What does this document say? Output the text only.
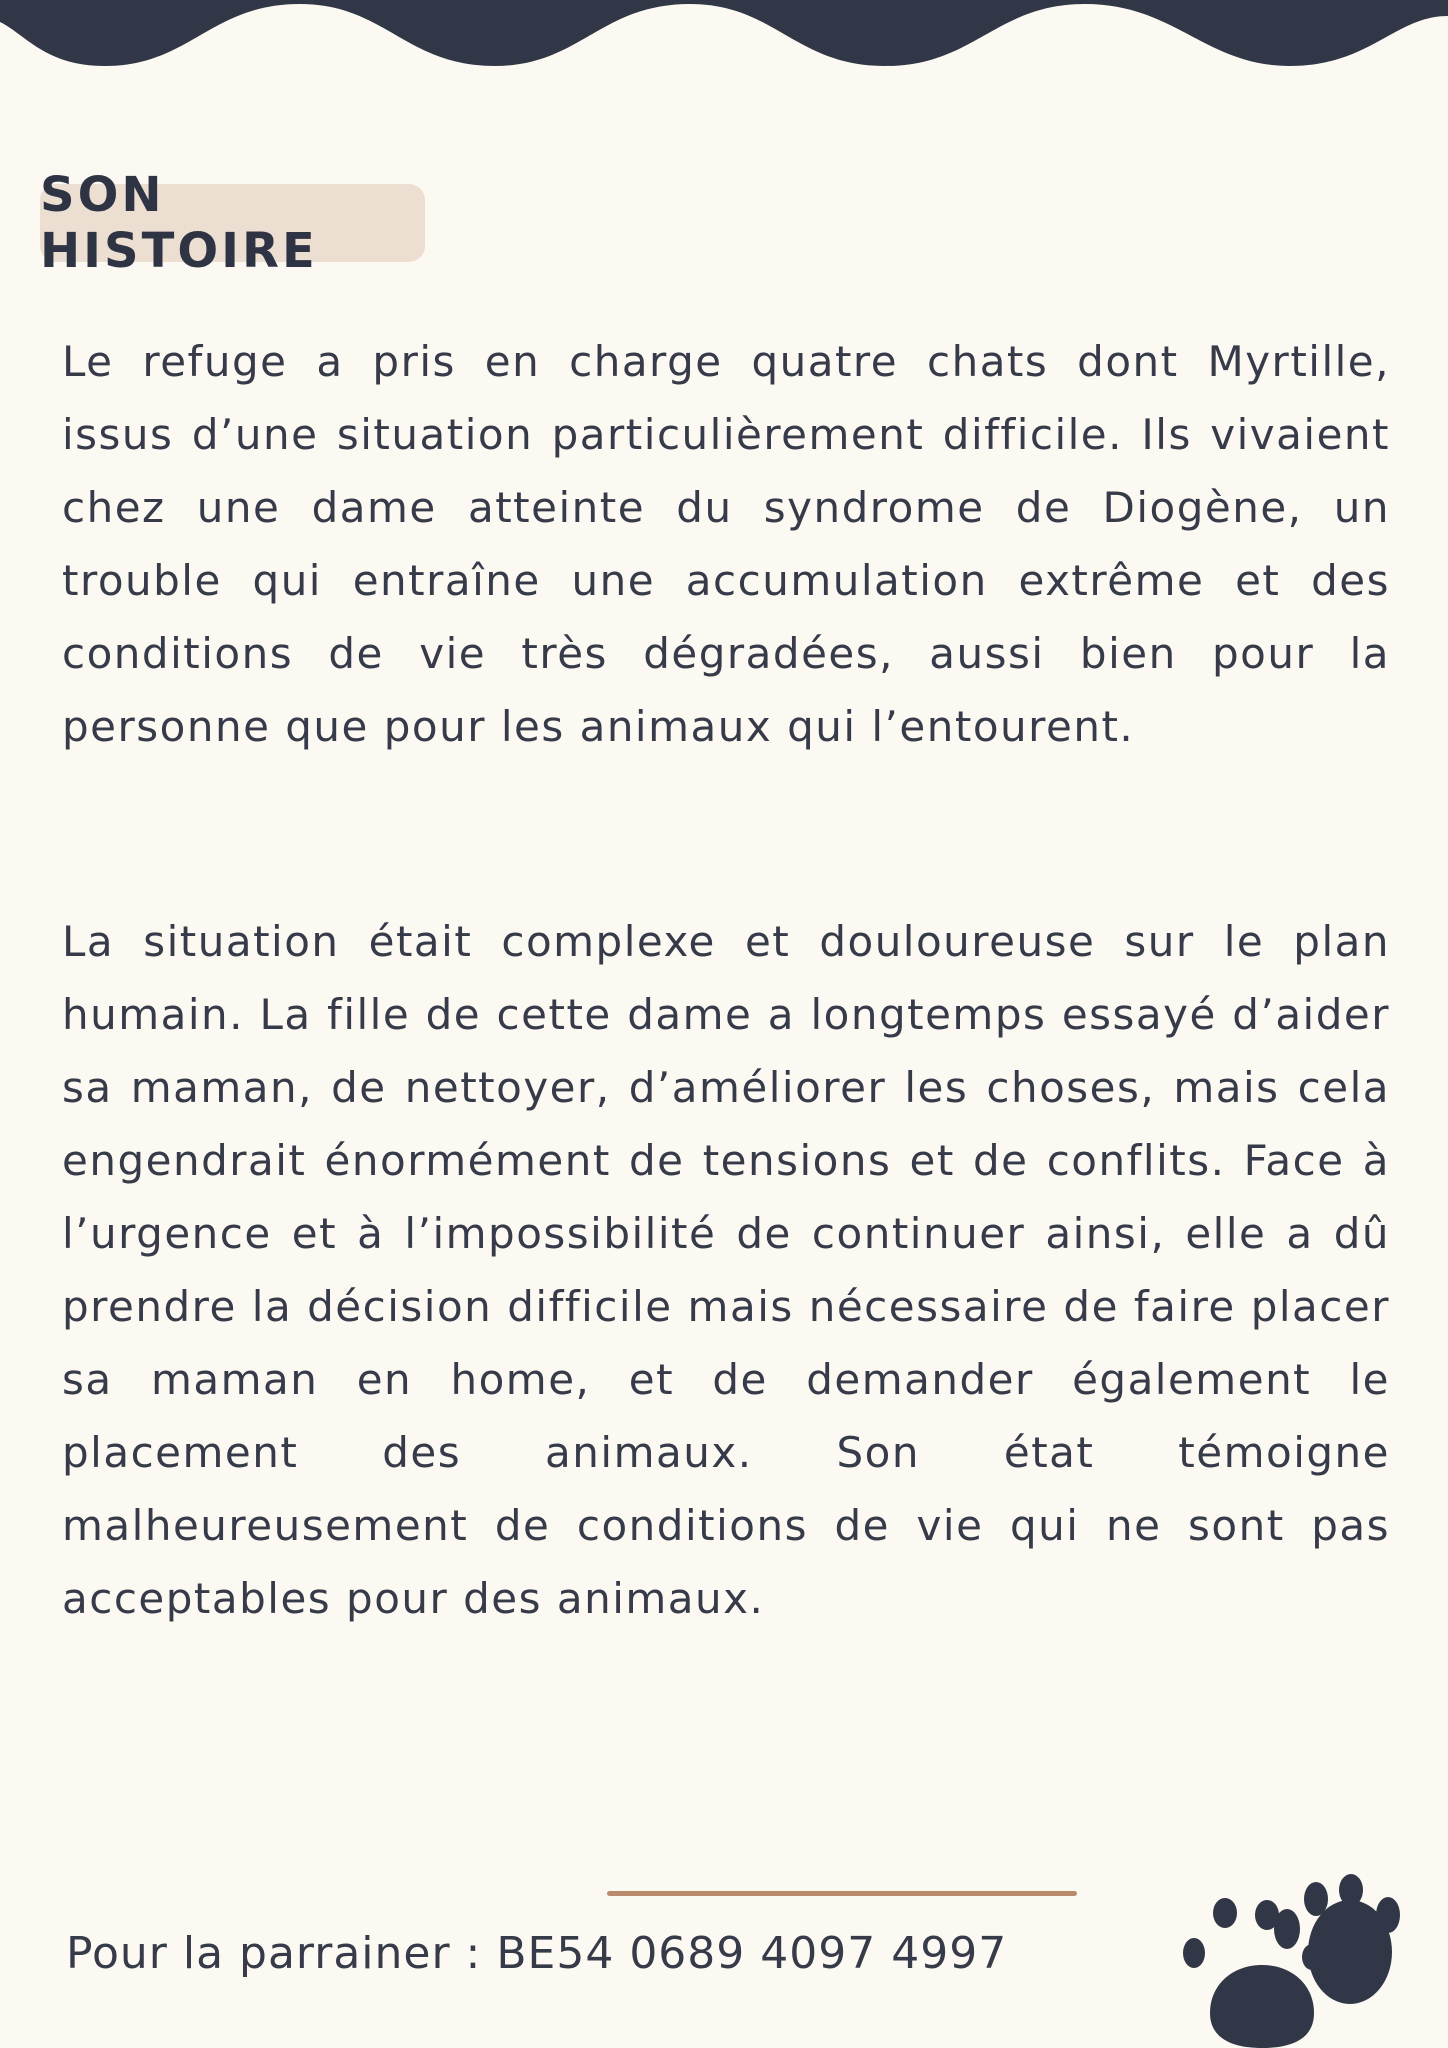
SON HISTOIRE

Le refuge a pris en charge quatre chats dont Myrtille, issus d’une situation particulièrement difficile. Ils vivaient chez une dame atteinte du syndrome de Diogène, un trouble qui entraîne une accumulation extrême et des conditions de vie très dégradées, aussi bien pour la personne que pour les animaux qui l’entourent.

La situation était complexe et douloureuse sur le plan humain. La fille de cette dame a longtemps essayé d’aider sa maman, de nettoyer, d’améliorer les choses, mais cela engendrait énormément de tensions et de conflits. Face à l’urgence et à l’impossibilité de continuer ainsi, elle a dû prendre la décision difficile mais nécessaire de faire placer sa maman en home, et de demander également le placement des animaux. Son état témoigne malheureusement de conditions de vie qui ne sont pas acceptables pour des animaux.

Pour la parrainer : BE54 0689 4097 4997
